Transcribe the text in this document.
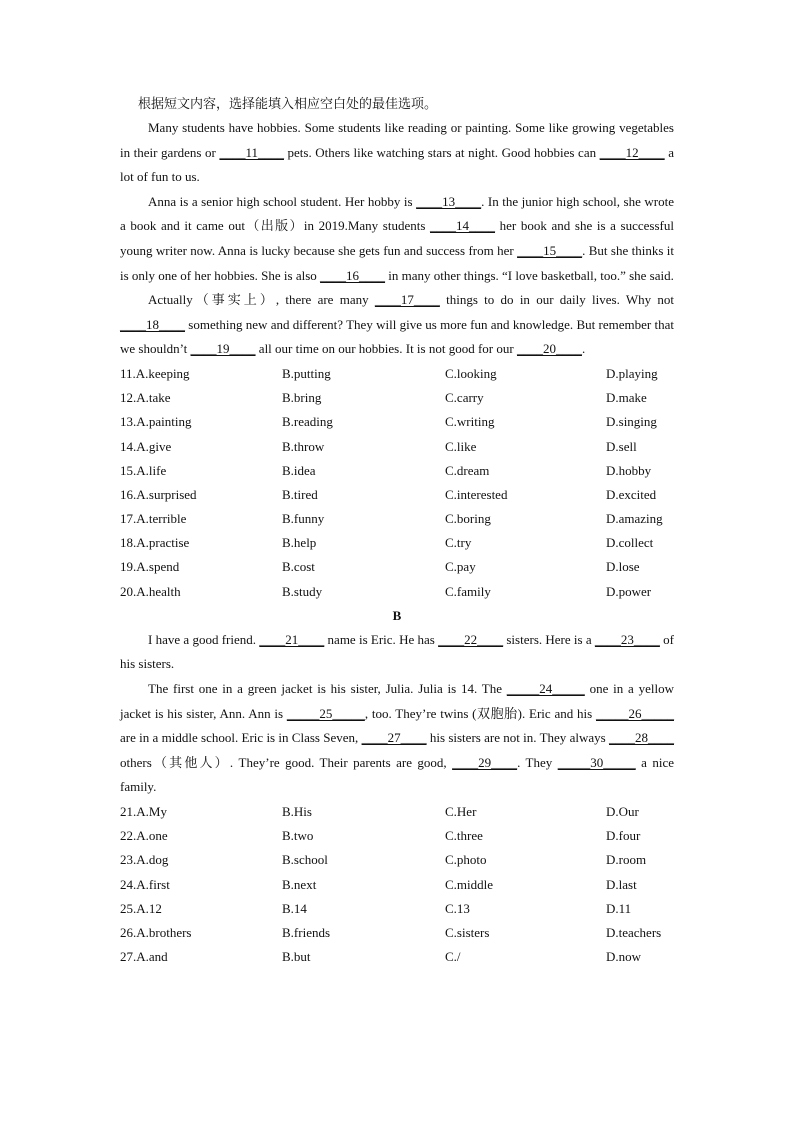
根据短文内容，选择能填入相应空白处的最佳选项。

Many students have hobbies. Some students like reading or painting. Some like growing vegetables in their gardens or ____11____ pets. Others like watching stars at night. Good hobbies can ____12____ a lot of fun to us.

Anna is a senior high school student. Her hobby is ____13____. In the junior high school, she wrote a book and it came out（出版）in 2019.Many students ____14____ her book and she is a successful young writer now. Anna is lucky because she gets fun and success from her ____15____. But she thinks it is only one of her hobbies. She is also ____16____ in many other things. “I love basketball, too.” she said.

Actually（事实上）, there are many ____17____ things to do in our daily lives. Why not ____18____ something new and different? They will give us more fun and knowledge. But remember that we shouldn’t ____19____ all our time on our hobbies. It is not good for our ____20____.

11.A.keeping	B.putting	C.looking	D.playing
12.A.take	B.bring	C.carry	D.make
13.A.painting	B.reading	C.writing	D.singing
14.A.give	B.throw	C.like	D.sell
15.A.life	B.idea	C.dream	D.hobby
16.A.surprised	B.tired	C.interested	D.excited
17.A.terrible	B.funny	C.boring	D.amazing
18.A.practise	B.help	C.try	D.collect
19.A.spend	B.cost	C.pay	D.lose
20.A.health	B.study	C.family	D.power
B

I have a good friend. ____21____ name is Eric. He has ____22____ sisters. Here is a ____23____ of his sisters.

The first one in a green jacket is his sister, Julia. Julia is 14. The _____24_____ one in a yellow jacket is his sister, Ann. Ann is _____25_____, too. They’re twins (双胞胎). Eric and his _____26_____ are in a middle school. Eric is in Class Seven, ____27____ his sisters are not in. They always ____28____ others（其他人）. They’re good. Their parents are good, ____29____. They _____30_____ a nice family.

21.A.My	B.His	C.Her	D.Our
22.A.one	B.two	C.three	D.four
23.A.dog	B.school	C.photo	D.room
24.A.first	B.next	C.middle	D.last
25.A.12	B.14	C.13	D.11
26.A.brothers	B.friends	C.sisters	D.teachers
27.A.and	B.but	C./	D.now
